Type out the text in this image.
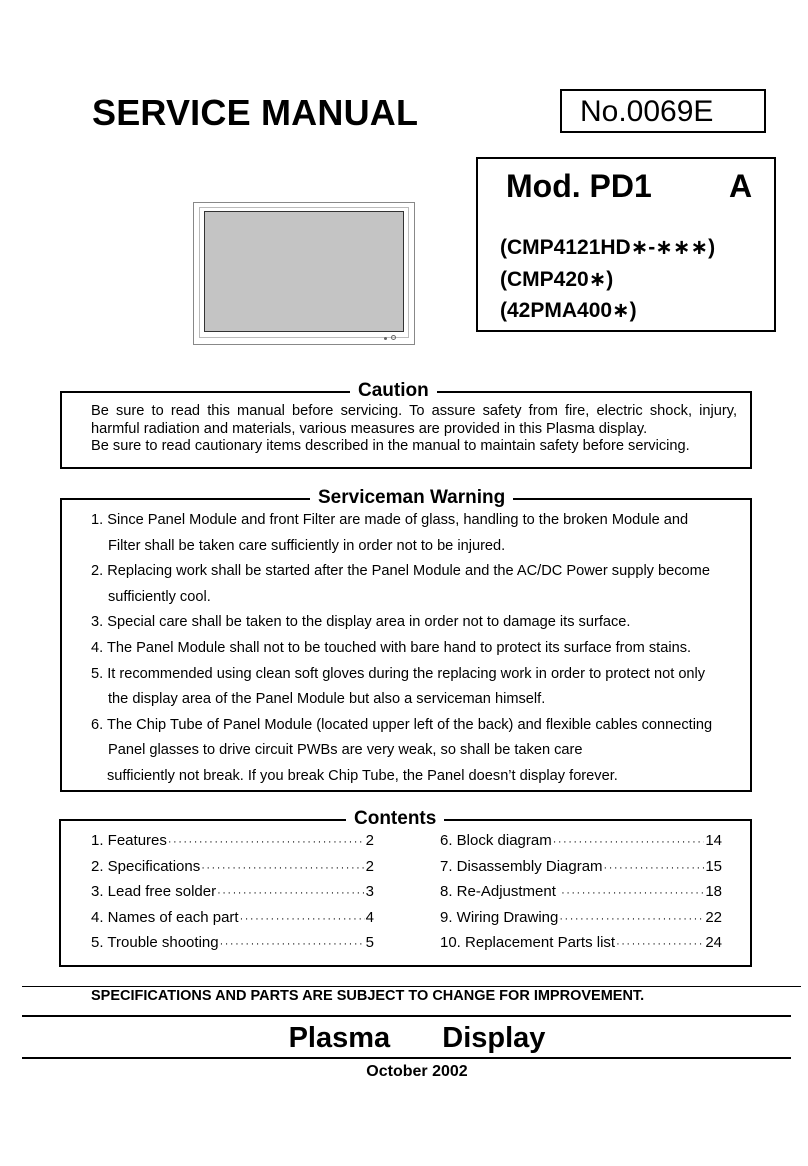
SERVICE MANUAL	No.0069E
Mod. PD1 A
(CMP4121HD∗-∗∗∗)
(CMP420∗)
(42PMA400∗)
Caution
Be sure to read this manual before servicing. To assure safety from fire, electric shock, injury, harmful radiation and materials, various measures are provided in this Plasma display.
Be sure to read cautionary items described in the manual to maintain safety before servicing.
Serviceman Warning
1. Since Panel Module and front Filter are made of glass, handling to the broken Module and
Filter shall be taken care sufficiently in order not to be injured.
2. Replacing work shall be started after the Panel Module and the AC/DC Power supply become
sufficiently cool.
3. Special care shall be taken to the display area in order not to damage its surface.
4. The Panel Module shall not to be touched with bare hand to protect its surface from stains.
5. It recommended using clean soft gloves during the replacing work in order to protect not only
the display area of the Panel Module but also a serviceman himself.
6. The Chip Tube of Panel Module (located upper left of the back) and flexible cables connecting
Panel glasses to drive circuit PWBs are very weak, so shall be taken care
sufficiently not break. If you break Chip Tube, the Panel doesn’t display forever.
Contents
1. Features ·····	2
2. Specifications ·····	2
3. Lead free solder ·····	3
4. Names of each part ·····	4
5. Trouble shooting ·····	5
6. Block diagram ·····	14
7. Disassembly Diagram ·····	15
8. Re-Adjustment ·····	18
9. Wiring Drawing ·····	22
10. Replacement Parts list ·····	24
SPECIFICATIONS AND PARTS ARE SUBJECT TO CHANGE FOR IMPROVEMENT.
Plasma  Display
October 2002
